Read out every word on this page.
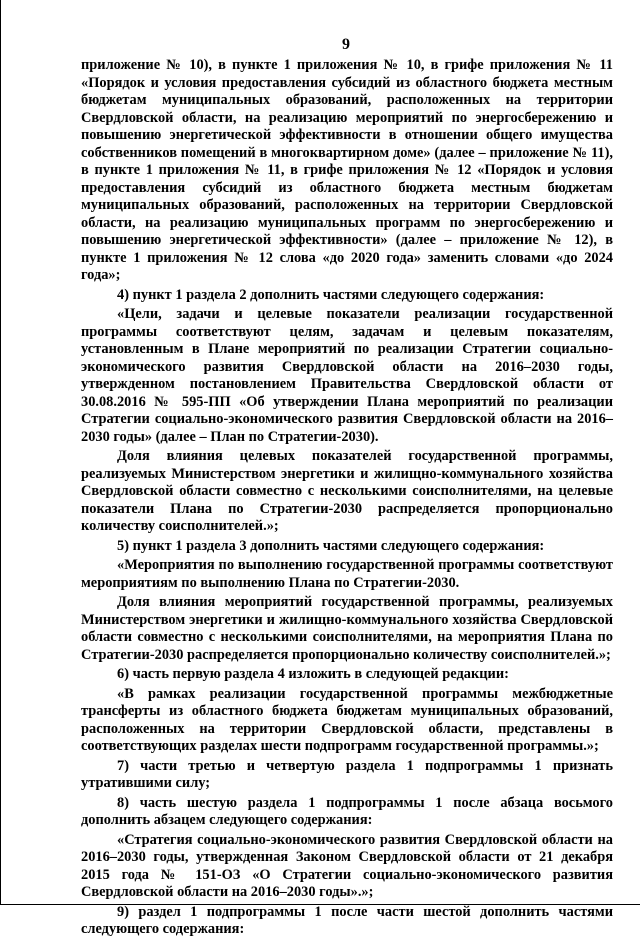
9

приложение № 10), в пункте 1 приложения № 10, в грифе приложения № 11 «Порядок и условия предоставления субсидий из областного бюджета местным бюджетам муниципальных образований, расположенных на территории Свердловской области, на реализацию мероприятий по энергосбережению и повышению энергетической эффективности в отношении общего имущества собственников помещений в многоквартирном доме» (далее – приложение № 11), в пункте 1 приложения № 11, в грифе приложения № 12 «Порядок и условия предоставления субсидий из областного бюджета местным бюджетам муниципальных образований, расположенных на территории Свердловской области, на реализацию муниципальных программ по энергосбережению и повышению энергетической эффективности» (далее – приложение № 12), в пункте 1 приложения № 12 слова «до 2020 года» заменить словами «до 2024 года»;

4) пункт 1 раздела 2 дополнить частями следующего содержания:

«Цели, задачи и целевые показатели реализации государственной программы соответствуют целям, задачам и целевым показателям, установленным в Плане мероприятий по реализации Стратегии социально-экономического развития Свердловской области на 2016–2030 годы, утвержденном постановлением Правительства Свердловской области от 30.08.2016 № 595-ПП «Об утверждении Плана мероприятий по реализации Стратегии социально-экономического развития Свердловской области на 2016–2030 годы» (далее – План по Стратегии-2030).

Доля влияния целевых показателей государственной программы, реализуемых Министерством энергетики и жилищно-коммунального хозяйства Свердловской области совместно с несколькими соисполнителями, на целевые показатели Плана по Стратегии-2030 распределяется пропорционально количеству соисполнителей.»;

5) пункт 1 раздела 3 дополнить частями следующего содержания:

«Мероприятия по выполнению государственной программы соответствуют мероприятиям по выполнению Плана по Стратегии-2030.

Доля влияния мероприятий государственной программы, реализуемых Министерством энергетики и жилищно-коммунального хозяйства Свердловской области совместно с несколькими соисполнителями, на мероприятия Плана по Стратегии-2030 распределяется пропорционально количеству соисполнителей.»;

6) часть первую раздела 4 изложить в следующей редакции:

«В рамках реализации государственной программы межбюджетные трансферты из областного бюджета бюджетам муниципальных образований, расположенных на территории Свердловской области, представлены в соответствующих разделах шести подпрограмм государственной программы.»;

7) части третью и четвертую раздела 1 подпрограммы 1 признать утратившими силу;

8) часть шестую раздела 1 подпрограммы 1 после абзаца восьмого дополнить абзацем следующего содержания:

«Стратегия социально-экономического развития Свердловской области на 2016–2030 годы, утвержденная Законом Свердловской области от 21 декабря 2015 года № 151-ОЗ «О Стратегии социально-экономического развития Свердловской области на 2016–2030 годы».»;

9) раздел 1 подпрограммы 1 после части шестой дополнить частями следующего содержания:
